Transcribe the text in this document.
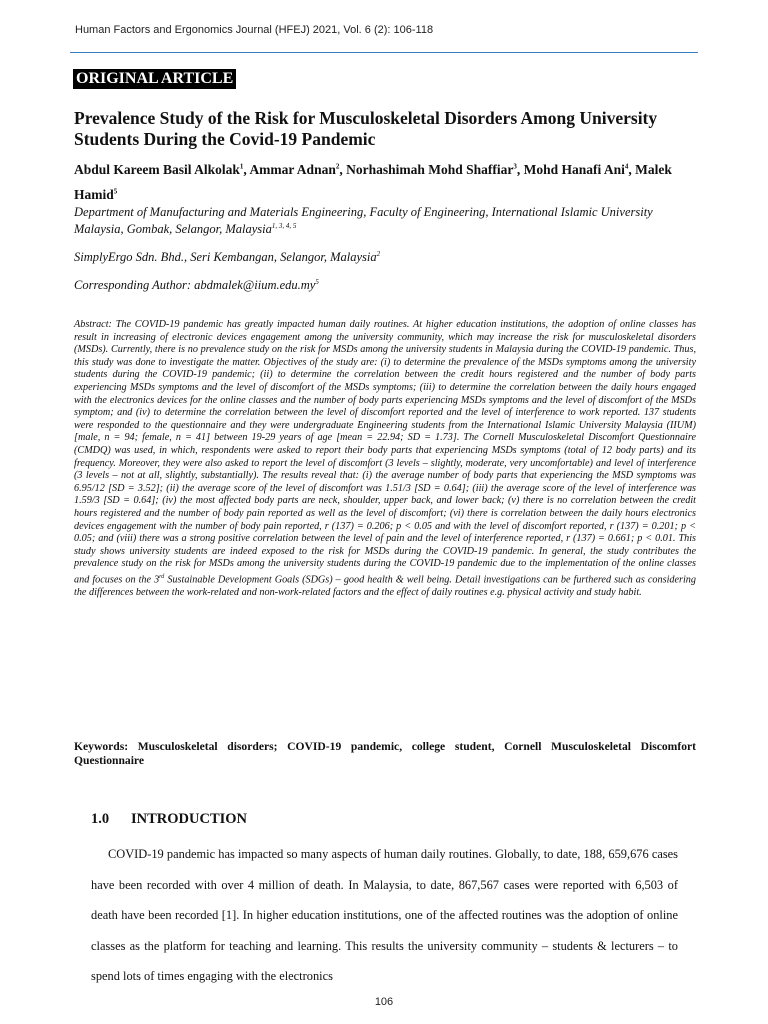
Human Factors and Ergonomics Journal (HFEJ) 2021, Vol. 6 (2): 106-118
ORIGINAL ARTICLE
Prevalence Study of the Risk for Musculoskeletal Disorders Among University Students During the Covid-19 Pandemic
Abdul Kareem Basil Alkolak$^1$, Ammar Adnan$^2$, Norhashimah Mohd Shaffiar$^3$, Mohd Hanafi Ani$^4$, Malek Hamid$^5$
Department of Manufacturing and Materials Engineering, Faculty of Engineering, International Islamic University Malaysia, Gombak, Selangor, Malaysia$^{1, 3, 4, 5}$
SimplyErgo Sdn. Bhd., Seri Kembangan, Selangor, Malaysia$^2$
Corresponding Author: $abdmalek@iium.edu.my^5$

Abstract: The COVID-19 pandemic has greatly impacted human daily routines. At higher education institutions, the adoption of online classes has result in increasing of electronic devices engagement among the university community, which may increase the risk for musculoskeletal disorders (MSDs). Currently, there is no prevalence study on the risk for MSDs among the university students in Malaysia during the COVID-19 pandemic. Thus, this study was done to investigate the matter. Objectives of the study are: (i) to determine the prevalence of the MSDs symptoms among the university students during the COVID-19 pandemic; (ii) to determine the correlation between the credit hours registered and the number of body parts experiencing MSDs symptoms and the level of discomfort of the MSDs symptoms; (iii) to determine the correlation between the daily hours engaged with the electronics devices for the online classes and the number of body parts experiencing MSDs symptoms and the level of discomfort of the MSDs symptom; and (iv) to determine the correlation between the level of discomfort reported and the level of interference to work reported. 137 students were responded to the questionnaire and they were undergraduate Engineering students from the International Islamic University Malaysia (IIUM) [male, n = 94; female, n = 41] between 19-29 years of age [mean = 22.94; SD = 1.73]. The Cornell Musculoskeletal Discomfort Questionnaire (CMDQ) was used, in which, respondents were asked to report their body parts that experiencing MSDs symptoms (total of 12 body parts) and its frequency. Moreover, they were also asked to report the level of discomfort (3 levels – slightly, moderate, very uncomfortable) and level of interference (3 levels – not at all, slightly, substantially). The results reveal that: (i) the average number of body parts that experiencing the MSD symptoms was 6.95/12 [SD = 3.52]; (ii) the average score of the level of discomfort was 1.51/3 [SD = 0.64]; (iii) the average score of the level of interference was 1.59/3 [SD = 0.64]; (iv) the most affected body parts are neck, shoulder, upper back, and lower back; (v) there is no correlation between the credit hours registered and the number of body pain reported as well as the level of discomfort; (vi) there is correlation between the daily hours electronics devices engagement with the number of body pain reported, r (137) = 0.206; p < 0.05 and with the level of discomfort reported, r (137) = 0.201; p < 0.05; and (viii) there was a strong positive correlation between the level of pain and the level of interference reported, r (137) = 0.661; p < 0.01. This study shows university students are indeed exposed to the risk for MSDs during the COVID-19 pandemic. In general, the study contributes the prevalence study on the risk for MSDs among the university students during the COVID-19 pandemic due to the implementation of the online classes and focuses on the 3rd Sustainable Development Goals (SDGs) – good health & well being. Detail investigations can be furthered such as considering the differences between the work-related and non-work-related factors and the effect of daily routines e.g. physical activity and study habit.

Keywords: Musculoskeletal disorders; COVID-19 pandemic, college student, Cornell Musculoskeletal Discomfort Questionnaire

1.0 INTRODUCTION

COVID-19 pandemic has impacted so many aspects of human daily routines. Globally, to date, 188, 659,676 cases have been recorded with over 4 million of death. In Malaysia, to date, 867,567 cases were reported with 6,503 of death have been recorded [1]. In higher education institutions, one of the affected routines was the adoption of online classes as the platform for teaching and learning. This results the university community – students & lecturers – to spend lots of times engaging with the electronics

106
